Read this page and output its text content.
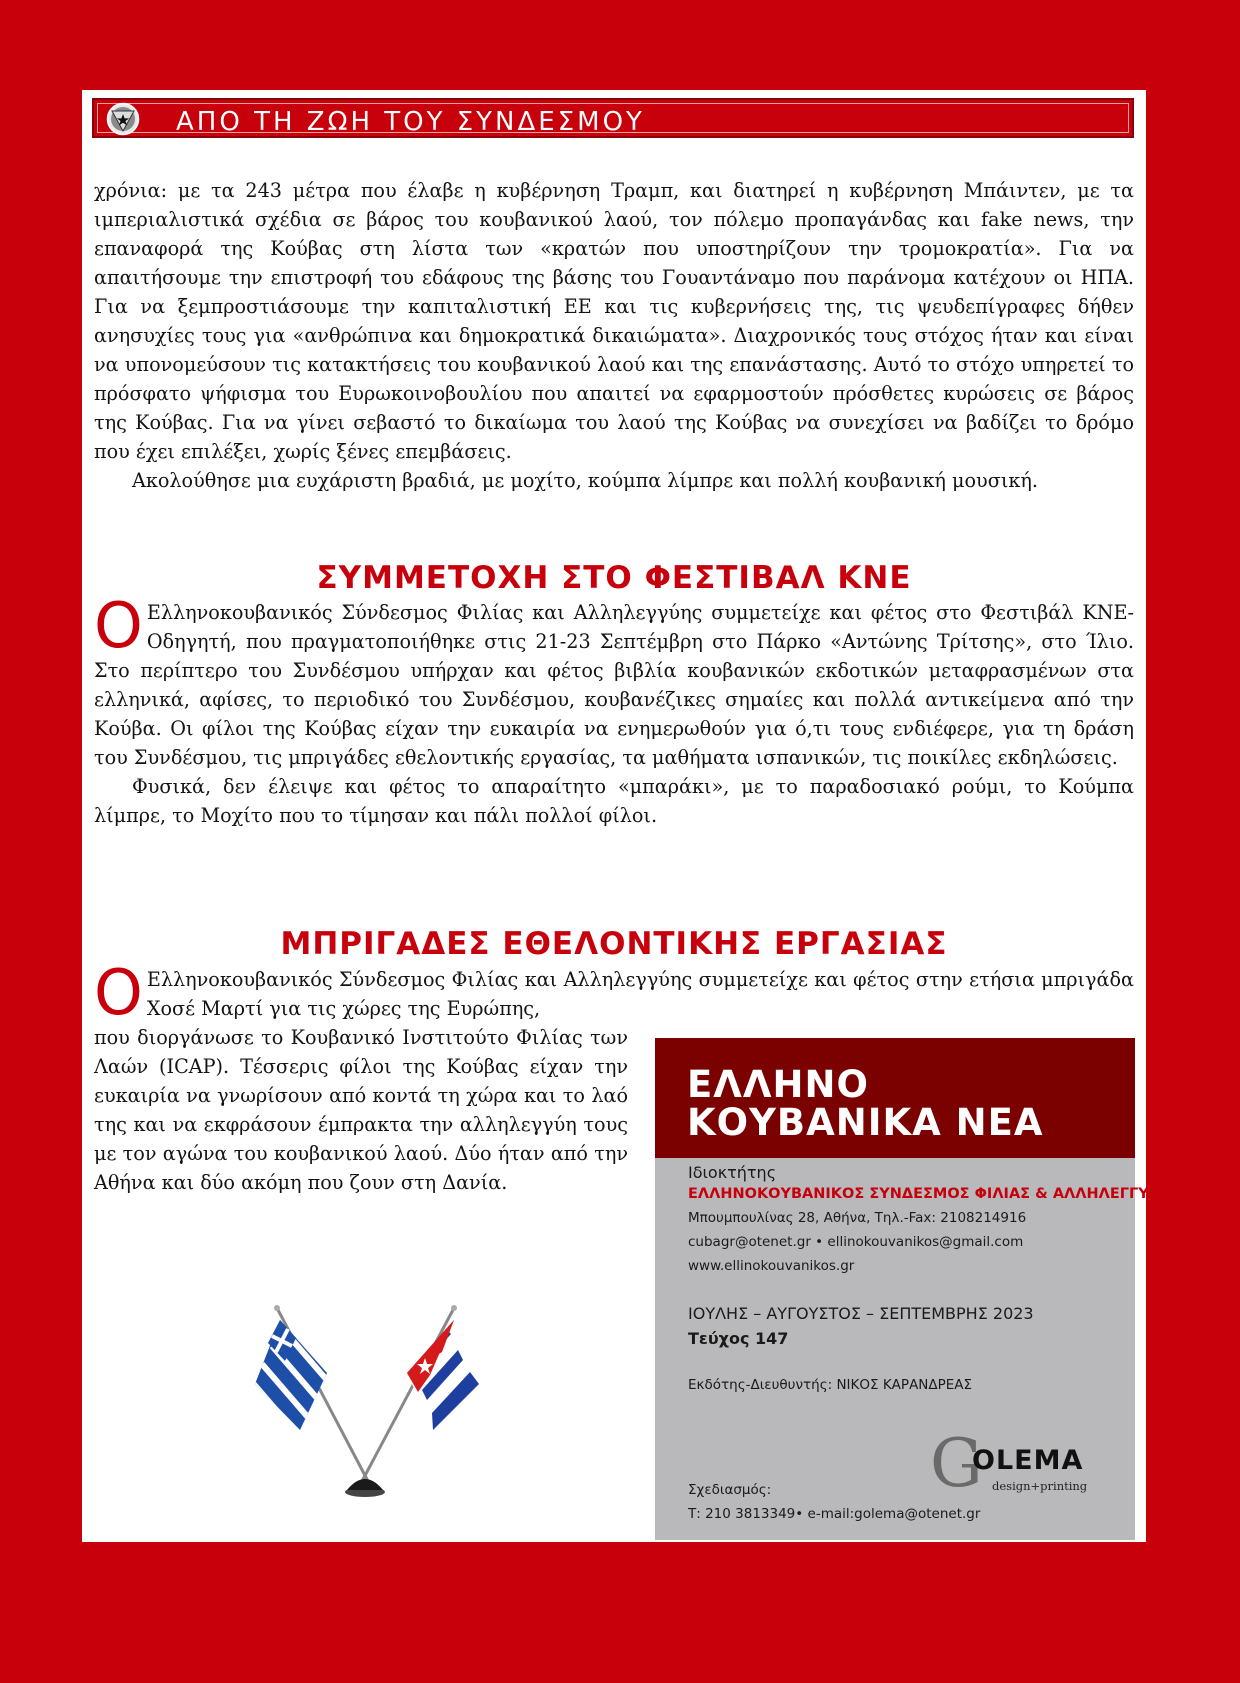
ΑΠΟ ΤΗ ΖΩΗ ΤΟΥ ΣΥΝΔΕΣΜΟΥ

χρόνια: με τα 243 μέτρα που έλαβε η κυβέρνηση Τραμπ, και διατηρεί η κυβέρνηση Μπάιντεν, με τα ιμπεριαλιστικά σχέδια σε βάρος του κουβανικού λαού, τον πόλεμο προπαγάνδας και fake news, την επαναφορά της Κούβας στη λίστα των «κρατών που υποστηρίζουν την τρομοκρατία». Για να απαιτήσουμε την επιστροφή του εδάφους της βάσης του Γουαντάναμο που παράνομα κατέχουν οι ΗΠΑ. Για να ξεμπροστιάσουμε την καπιταλιστική ΕΕ και τις κυβερνήσεις της, τις ψευδεπίγραφες δήθεν ανησυχίες τους για «ανθρώπινα και δημοκρατικά δικαιώματα». Διαχρονικός τους στόχος ήταν και είναι να υπονομεύσουν τις κατακτήσεις του κουβανικού λαού και της επανάστασης. Αυτό το στόχο υπηρετεί το πρόσφατο ψήφισμα του Ευρωκοινοβουλίου που απαιτεί να εφαρμοστούν πρόσθετες κυρώσεις σε βάρος της Κούβας. Για να γίνει σεβαστό το δικαίωμα του λαού της Κούβας να συνεχίσει να βαδίζει το δρόμο που έχει επιλέξει, χωρίς ξένες επεμβάσεις.

Ακολούθησε μια ευχάριστη βραδιά, με μοχίτο, κούμπα λίμπρε και πολλή κουβανική μουσική.

ΣΥΜΜΕΤΟΧΗ ΣΤΟ ΦΕΣΤΙΒΑΛ ΚΝΕ

Ο Ελληνοκουβανικός Σύνδεσμος Φιλίας και Αλληλεγγύης συμμετείχε και φέτος στο Φεστιβάλ ΚΝΕ-Οδηγητή, που πραγματοποιήθηκε στις 21-23 Σεπτέμβρη στο Πάρκο «Αντώνης Τρίτσης», στο Ίλιο. Στο περίπτερο του Συνδέσμου υπήρχαν και φέτος βιβλία κουβανικών εκδοτικών μεταφρασμένων στα ελληνικά, αφίσες, το περιοδικό του Συνδέσμου, κουβανέζικες σημαίες και πολλά αντικείμενα από την Κούβα. Οι φίλοι της Κούβας είχαν την ευκαιρία να ενημερωθούν για ό,τι τους ενδιέφερε, για τη δράση του Συνδέσμου, τις μπριγάδες εθελοντικής εργασίας, τα μαθήματα ισπανικών, τις ποικίλες εκδηλώσεις.

Φυσικά, δεν έλειψε και φέτος το απαραίτητο «μπαράκι», με το παραδοσιακό ρούμι, το Κούμπα λίμπρε, το Μοχίτο που το τίμησαν και πάλι πολλοί φίλοι.

ΜΠΡΙΓΑΔΕΣ ΕΘΕΛΟΝΤΙΚΗΣ ΕΡΓΑΣΙΑΣ

Ο Ελληνοκουβανικός Σύνδεσμος Φιλίας και Αλληλεγγύης συμμετείχε και φέτος στην ετήσια μπριγάδα Χοσέ Μαρτί για τις χώρες της Ευρώπης,

που διοργάνωσε το Κουβανικό Ινστιτούτο Φιλίας των Λαών (ICAP). Τέσσερις φίλοι της Κούβας είχαν την ευκαιρία να γνωρίσουν από κοντά τη χώρα και το λαό της και να εκφράσουν έμπρακτα την αλληλεγγύη τους με τον αγώνα του κουβανικού λαού. Δύο ήταν από την Αθήνα και δύο ακόμη που ζουν στη Δανία.

ΕΛΛΗΝΟ
ΚΟΥΒΑΝΙΚΑ ΝΕΑ

Ιδιοκτήτης

ΕΛΛΗΝΟΚΟΥΒΑΝΙΚΟΣ ΣΥΝΔΕΣΜΟΣ ΦΙΛΙΑΣ & ΑΛΛΗΛΕΓΓΥΗΣ

Μπουμπουλίνας 28, Αθήνα, Τηλ.-Fax: 2108214916

cubagr@otenet.gr • ellinokouvanikos@gmail.com

www.ellinokouvanikos.gr

ΙΟΥΛΗΣ – ΑΥΓΟΥΣΤΟΣ – ΣΕΠΤΕΜΒΡΗΣ 2023

Τεύχος 147

Εκδότης-Διευθυντής: ΝΙΚΟΣ ΚΑΡΑΝΔΡΕΑΣ

G
OLEMA
design+printing

Σχεδιασμός:

Τ: 210 3813349• e-mail:golema@otenet.gr
